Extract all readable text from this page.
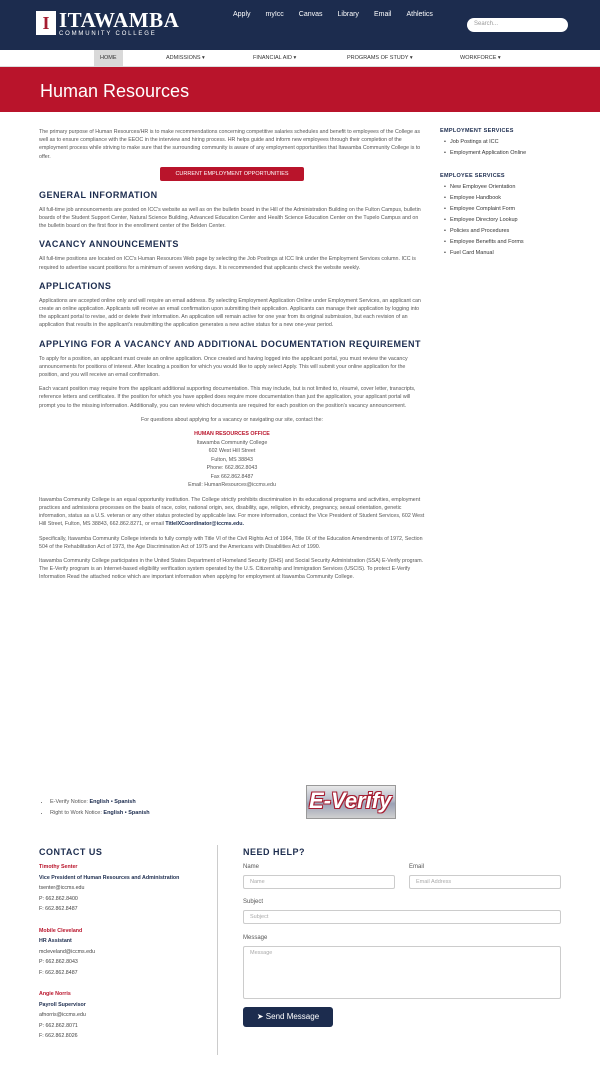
I ITAWAMBA
COMMUNITY COLLEGE
Apply myIcc Canvas Library Email Athletics
Search...
HOME	ADMISSIONS ▾	FINANCIAL AID ▾	PROGRAMS OF STUDY ▾	WORKFORCE ▾
Human Resources

The primary purpose of Human Resources/HR is to make recommendations concerning competitive salaries schedules and benefit to employees of the College as well as to ensure compliance with the EEOC in the interview and hiring process. HR helps guide and inform new employees through their completion of the employment process while striving to make sure that the surrounding community is aware of any employment opportunities that Itawamba Community College is to offer.

CURRENT EMPLOYMENT OPPORTUNITIES
GENERAL INFORMATION

All full-time job announcements are posted on ICC's website as well as on the bulletin board in the Hill of the Administration Building on the Fulton Campus, bulletin boards of the Student Support Center, Natural Science Building, Advanced Education Center and Health Science Education Center on the Tupelo Campus and on the bulletin board on the first floor in the enrollment center of the Belden Center.

VACANCY ANNOUNCEMENTS

All full-time positions are located on ICC's Human Resources Web page by selecting the Job Postings at ICC link under the Employment Services column. ICC is required to advertise vacant positions for a minimum of seven working days. It is recommended that applicants check the website weekly.

APPLICATIONS

Applications are accepted online only and will require an email address. By selecting Employment Application Online under Employment Services, an applicant can create an online application. Applicants will receive an email confirmation upon submitting their application. Applicants can manage their application by logging into the applicant portal to revise, add or delete their information. An application will remain active for one year from its original submission, but each revision of an application that results in the applicant's resubmitting the application generates a new active status for a new one-year period.

APPLYING FOR A VACANCY AND ADDITIONAL DOCUMENTATION REQUIREMENT

To apply for a position, an applicant must create an online application. Once created and having logged into the applicant portal, you must review the vacancy announcements for positions of interest. After locating a position for which you would like to apply select Apply. This will submit your online application for the position, and you will receive an email confirmation.

Each vacant position may require from the applicant additional supporting documentation. This may include, but is not limited to, résumé, cover letter, transcripts, reference letters and certificates. If the position for which you have applied does require more documentation than just the application, your applicant portal will prompt you to the missing information. Additionally, you can review which documents are required for each position on the position's vacancy announcement.

For questions about applying for a vacancy or navigating our site, contact the:

HUMAN RESOURCES OFFICE
Itawamba Community College
602 West Hill Street
Fulton, MS 38843
Phone: 662.862.8043
Fax 662.862.8487
Email: HumanResources@iccms.edu

Itawamba Community College is an equal opportunity institution. The College strictly prohibits discrimination in its educational programs and activities, employment practices and admissions processes on the basis of race, color, national origin, sex, disability, age, religion, ethnicity, pregnancy, sexual orientation, genetic information, status as a U.S. veteran or any other status protected by applicable law. For more information, contact the Vice President of Student Services, 602 West Hill Street, Fulton, MS 38843, 662.862.8271, or email TitleIXCoordinator@iccms.edu.

Specifically, Itawamba Community College intends to fully comply with Title VI of the Civil Rights Act of 1964, Title IX of the Education Amendments of 1972, Section 504 of the Rehabilitation Act of 1973, the Age Discrimination Act of 1975 and the Americans with Disabilities Act of 1990.

Itawamba Community College participates in the United States Department of Homeland Security (DHS) and Social Security Administration (SSA) E-Verify program. The E-Verify program is an Internet-based eligibility verification system operated by the U.S. Citizenship and Immigration Services (USCIS). To protect E-Verify Information Read the attached notice which are important information when applying for employment at Itawamba Community College.

E-Verify
• E-Verify Notice: English • Spanish
• Right to Work Notice: English • Spanish
EMPLOYMENT SERVICES
• Job Postings at ICC
• Employment Application Online
EMPLOYEE SERVICES
• New Employee Orientation
• Employee Handbook
• Employee Complaint Form
• Employee Directory Lookup
• Policies and Procedures
• Employee Benefits and Forms
• Fuel Card Manual
CONTACT US
Timothy Senter
Vice President of Human Resources and Administration
tsenter@iccms.edu
P: 662.862.8400
F: 662.862.8487
Mobile Cleveland
HR Assistant
mcleveland@iccms.edu
P: 662.862.8043
F: 662.862.8487
Angie Norris
Payroll Supervisor
afnorris@iccms.edu
P: 662.862.8071
F: 662.862.8026
NEED HELP?
Name
Name
Email
Email Address
Subject
Subject
Message
Message
➤ Send Message
